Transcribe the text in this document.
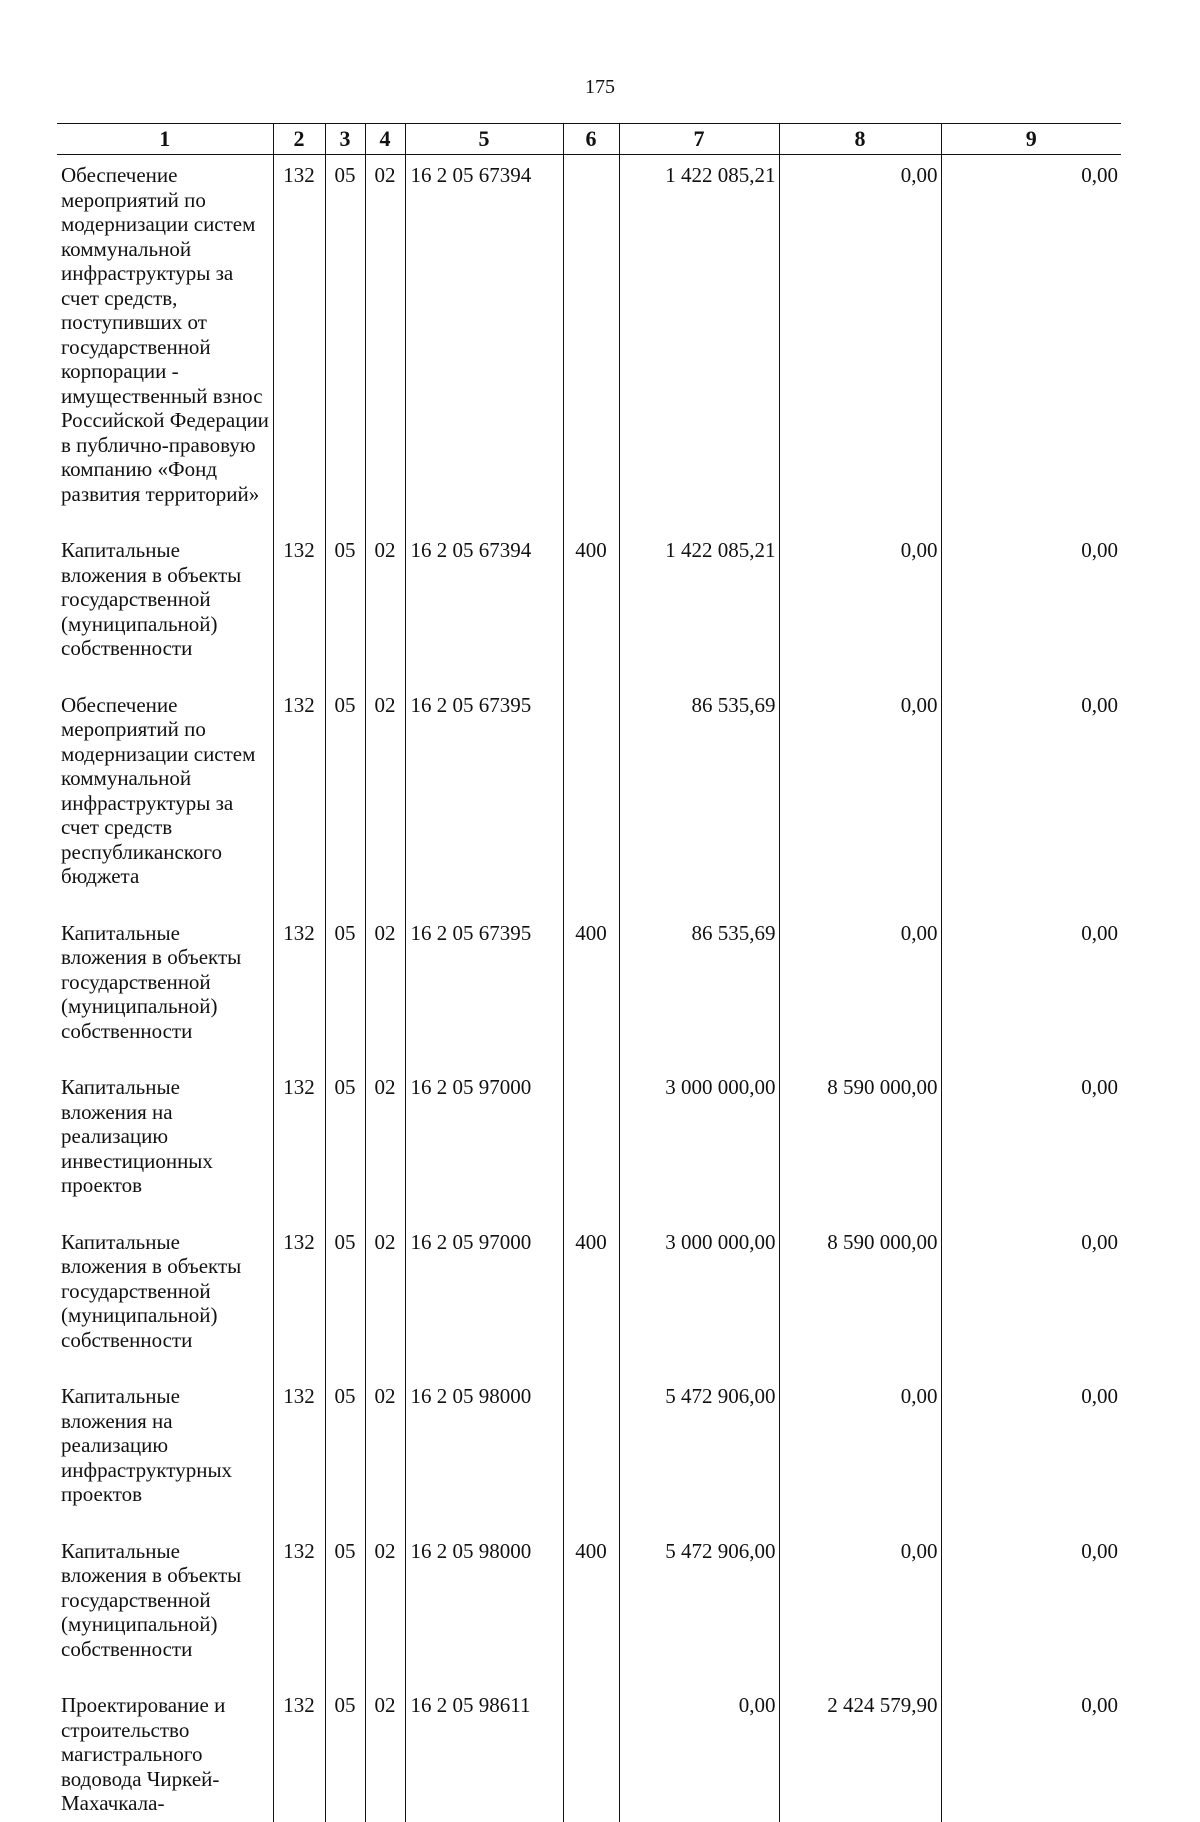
175
1	2	3	4	5	6	7	8	9
Обеспечение мероприятий по модернизации систем коммунальной инфраструктуры за счет средств, поступивших от государственной корпорации - имущественный взнос Российской Федерации в публично-правовую компанию «Фонд развития территорий»	132	05	02	16 2 05 67394		1 422 085,21	0,00	0,00
Капитальные вложения в объекты государственной (муниципальной) собственности	132	05	02	16 2 05 67394	400	1 422 085,21	0,00	0,00
Обеспечение мероприятий по модернизации систем коммунальной инфраструктуры за счет средств республиканского бюджета	132	05	02	16 2 05 67395		86 535,69	0,00	0,00
Капитальные вложения в объекты государственной (муниципальной) собственности	132	05	02	16 2 05 67395	400	86 535,69	0,00	0,00
Капитальные вложения на реализацию инвестиционных проектов	132	05	02	16 2 05 97000		3 000 000,00	8 590 000,00	0,00
Капитальные вложения в объекты государственной (муниципальной) собственности	132	05	02	16 2 05 97000	400	3 000 000,00	8 590 000,00	0,00
Капитальные вложения на реализацию инфраструктурных проектов	132	05	02	16 2 05 98000		5 472 906,00	0,00	0,00
Капитальные вложения в объекты государственной (муниципальной) собственности	132	05	02	16 2 05 98000	400	5 472 906,00	0,00	0,00
Проектирование и строительство магистрального водовода Чиркей-Махачкала-	132	05	02	16 2 05 98611		0,00	2 424 579,90	0,00
